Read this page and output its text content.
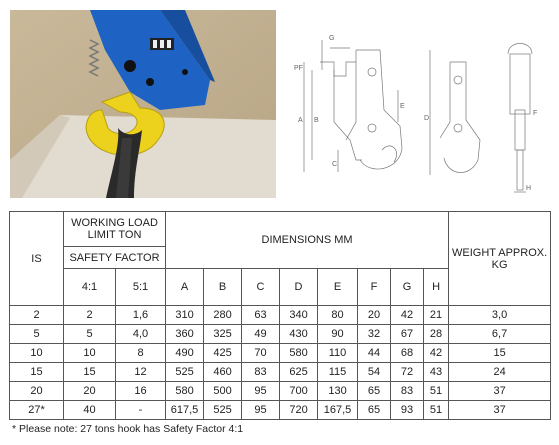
G
PF
A B
E
C
D
F
H
IS	WORKING LOAD LIMIT TON		DIMENSIONS MM								WEIGHT APPROX. KG
	SAFETY FACTOR										
	4:1	5:1	A	B	C	D	E	F	G	H	
2	2	1,6	310	280	63	340	80	20	42	21	3,0
5	5	4,0	360	325	49	430	90	32	67	28	6,7
10	10	8	490	425	70	580	110	44	68	42	15
15	15	12	525	460	83	625	115	54	72	43	24
20	20	16	580	500	95	700	130	65	83	51	37
27*	40	-	617,5	525	95	720	167,5	65	93	51	37
* Please note: 27 tons hook has Safety Factor 4:1
